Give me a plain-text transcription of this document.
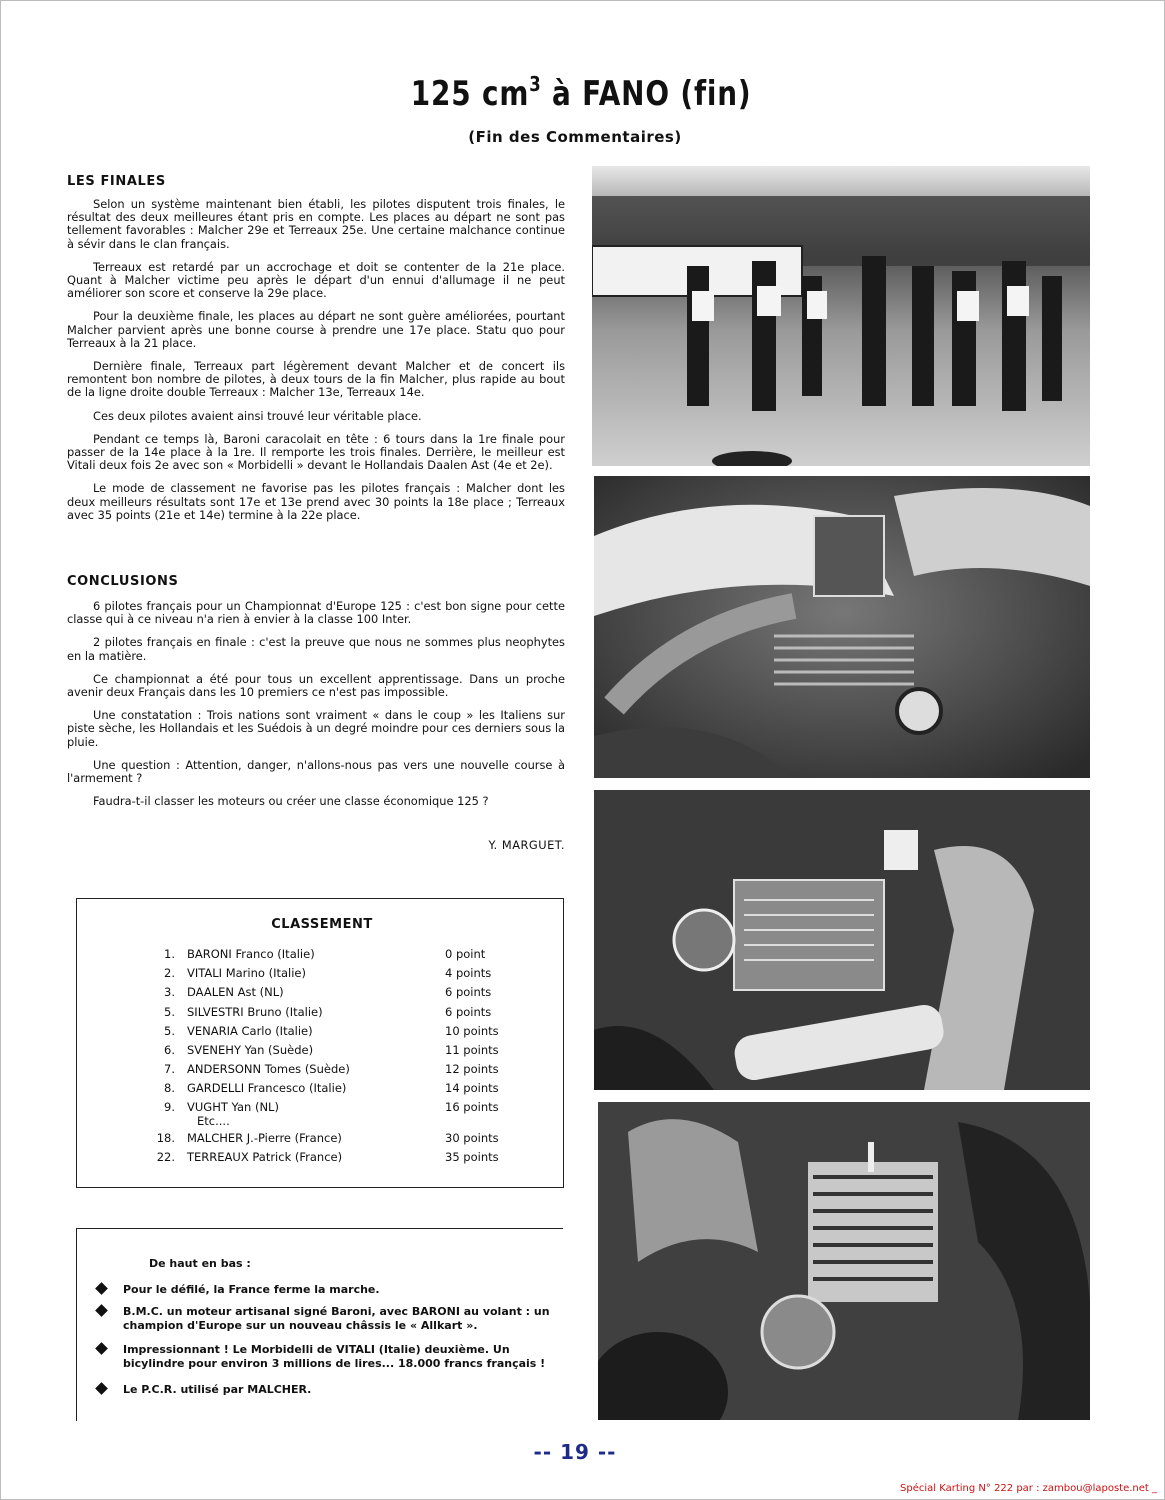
125 $cm^3$ à FANO (fin)
(Fin des Commentaires)
LES FINALES

Selon un système maintenant bien établi, les pilotes disputent trois finales, le résultat des deux meilleures étant pris en compte. Les places au départ ne sont pas tellement favorables : Malcher 29e et Terreaux 25e. Une certaine malchance continue à sévir dans le clan français.

Terreaux est retardé par un accrochage et doit se contenter de la 21e place. Quant à Malcher victime peu après le départ d'un ennui d'allumage il ne peut améliorer son score et conserve la 29e place.

Pour la deuxième finale, les places au départ ne sont guère améliorées, pourtant Malcher parvient après une bonne course à prendre une 17e place. Statu quo pour Terreaux à la 21 place.

Dernière finale, Terreaux part légèrement devant Malcher et de concert ils remontent bon nombre de pilotes, à deux tours de la fin Malcher, plus rapide au bout de la ligne droite double Terreaux : Malcher 13e, Terreaux 14e.

Ces deux pilotes avaient ainsi trouvé leur véritable place.

Pendant ce temps là, Baroni caracolait en tête : 6 tours dans la 1re finale pour passer de la 14e place à la 1re. Il remporte les trois finales. Derrière, le meilleur est Vitali deux fois 2e avec son « Morbidelli » devant le Hollandais Daalen Ast (4e et 2e).

Le mode de classement ne favorise pas les pilotes français : Malcher dont les deux meilleurs résultats sont 17e et 13e prend avec 30 points la 18e place ; Terreaux avec 35 points (21e et 14e) termine à la 22e place.

CONCLUSIONS

6 pilotes français pour un Championnat d'Europe 125 : c'est bon signe pour cette classe qui à ce niveau n'a rien à envier à la classe 100 Inter.

2 pilotes français en finale : c'est la preuve que nous ne sommes plus neophytes en la matière.

Ce championnat a été pour tous un excellent apprentissage. Dans un proche avenir deux Français dans les 10 premiers ce n'est pas impossible.

Une constatation : Trois nations sont vraiment « dans le coup » les Italiens sur piste sèche, les Hollandais et les Suédois à un degré moindre pour ces derniers sous la pluie.

Une question : Attention, danger, n'allons-nous pas vers une nouvelle course à l'armement ?

Faudra-t-il classer les moteurs ou créer une classe économique 125 ?

Y. MARGUET.
CLASSEMENT
1. BARONI Franco (Italie)	0 point
2. VITALI Marino (Italie)	4 points
3. DAALEN Ast (NL)	6 points
5. SILVESTRI Bruno (Italie)	6 points
5. VENARIA Carlo (Italie)	10 points
6. SVENEHY Yan (Suède)	11 points
7. ANDERSONN Tomes (Suède)	12 points
8. GARDELLI Francesco (Italie)	14 points
9. VUGHT Yan (NL)	16 points
Etc....
18. MALCHER J.-Pierre (France)	30 points
22. TERREAUX Patrick (France)	35 points
De haut en bas :
Pour le défilé, la France ferme la marche.
B.M.C. un moteur artisanal signé Baroni, avec BARONI au volant : un champion d'Europe sur un nouveau châssis le « Allkart ».
Impressionnant ! Le Morbidelli de VITALI (Italie) deuxième. Un bicylindre pour environ 3 millions de lires... 18.000 francs français !
Le P.C.R. utilisé par MALCHER.
-- 19 --
Spécial Karting N° 222 par : zambou@laposte.net _
